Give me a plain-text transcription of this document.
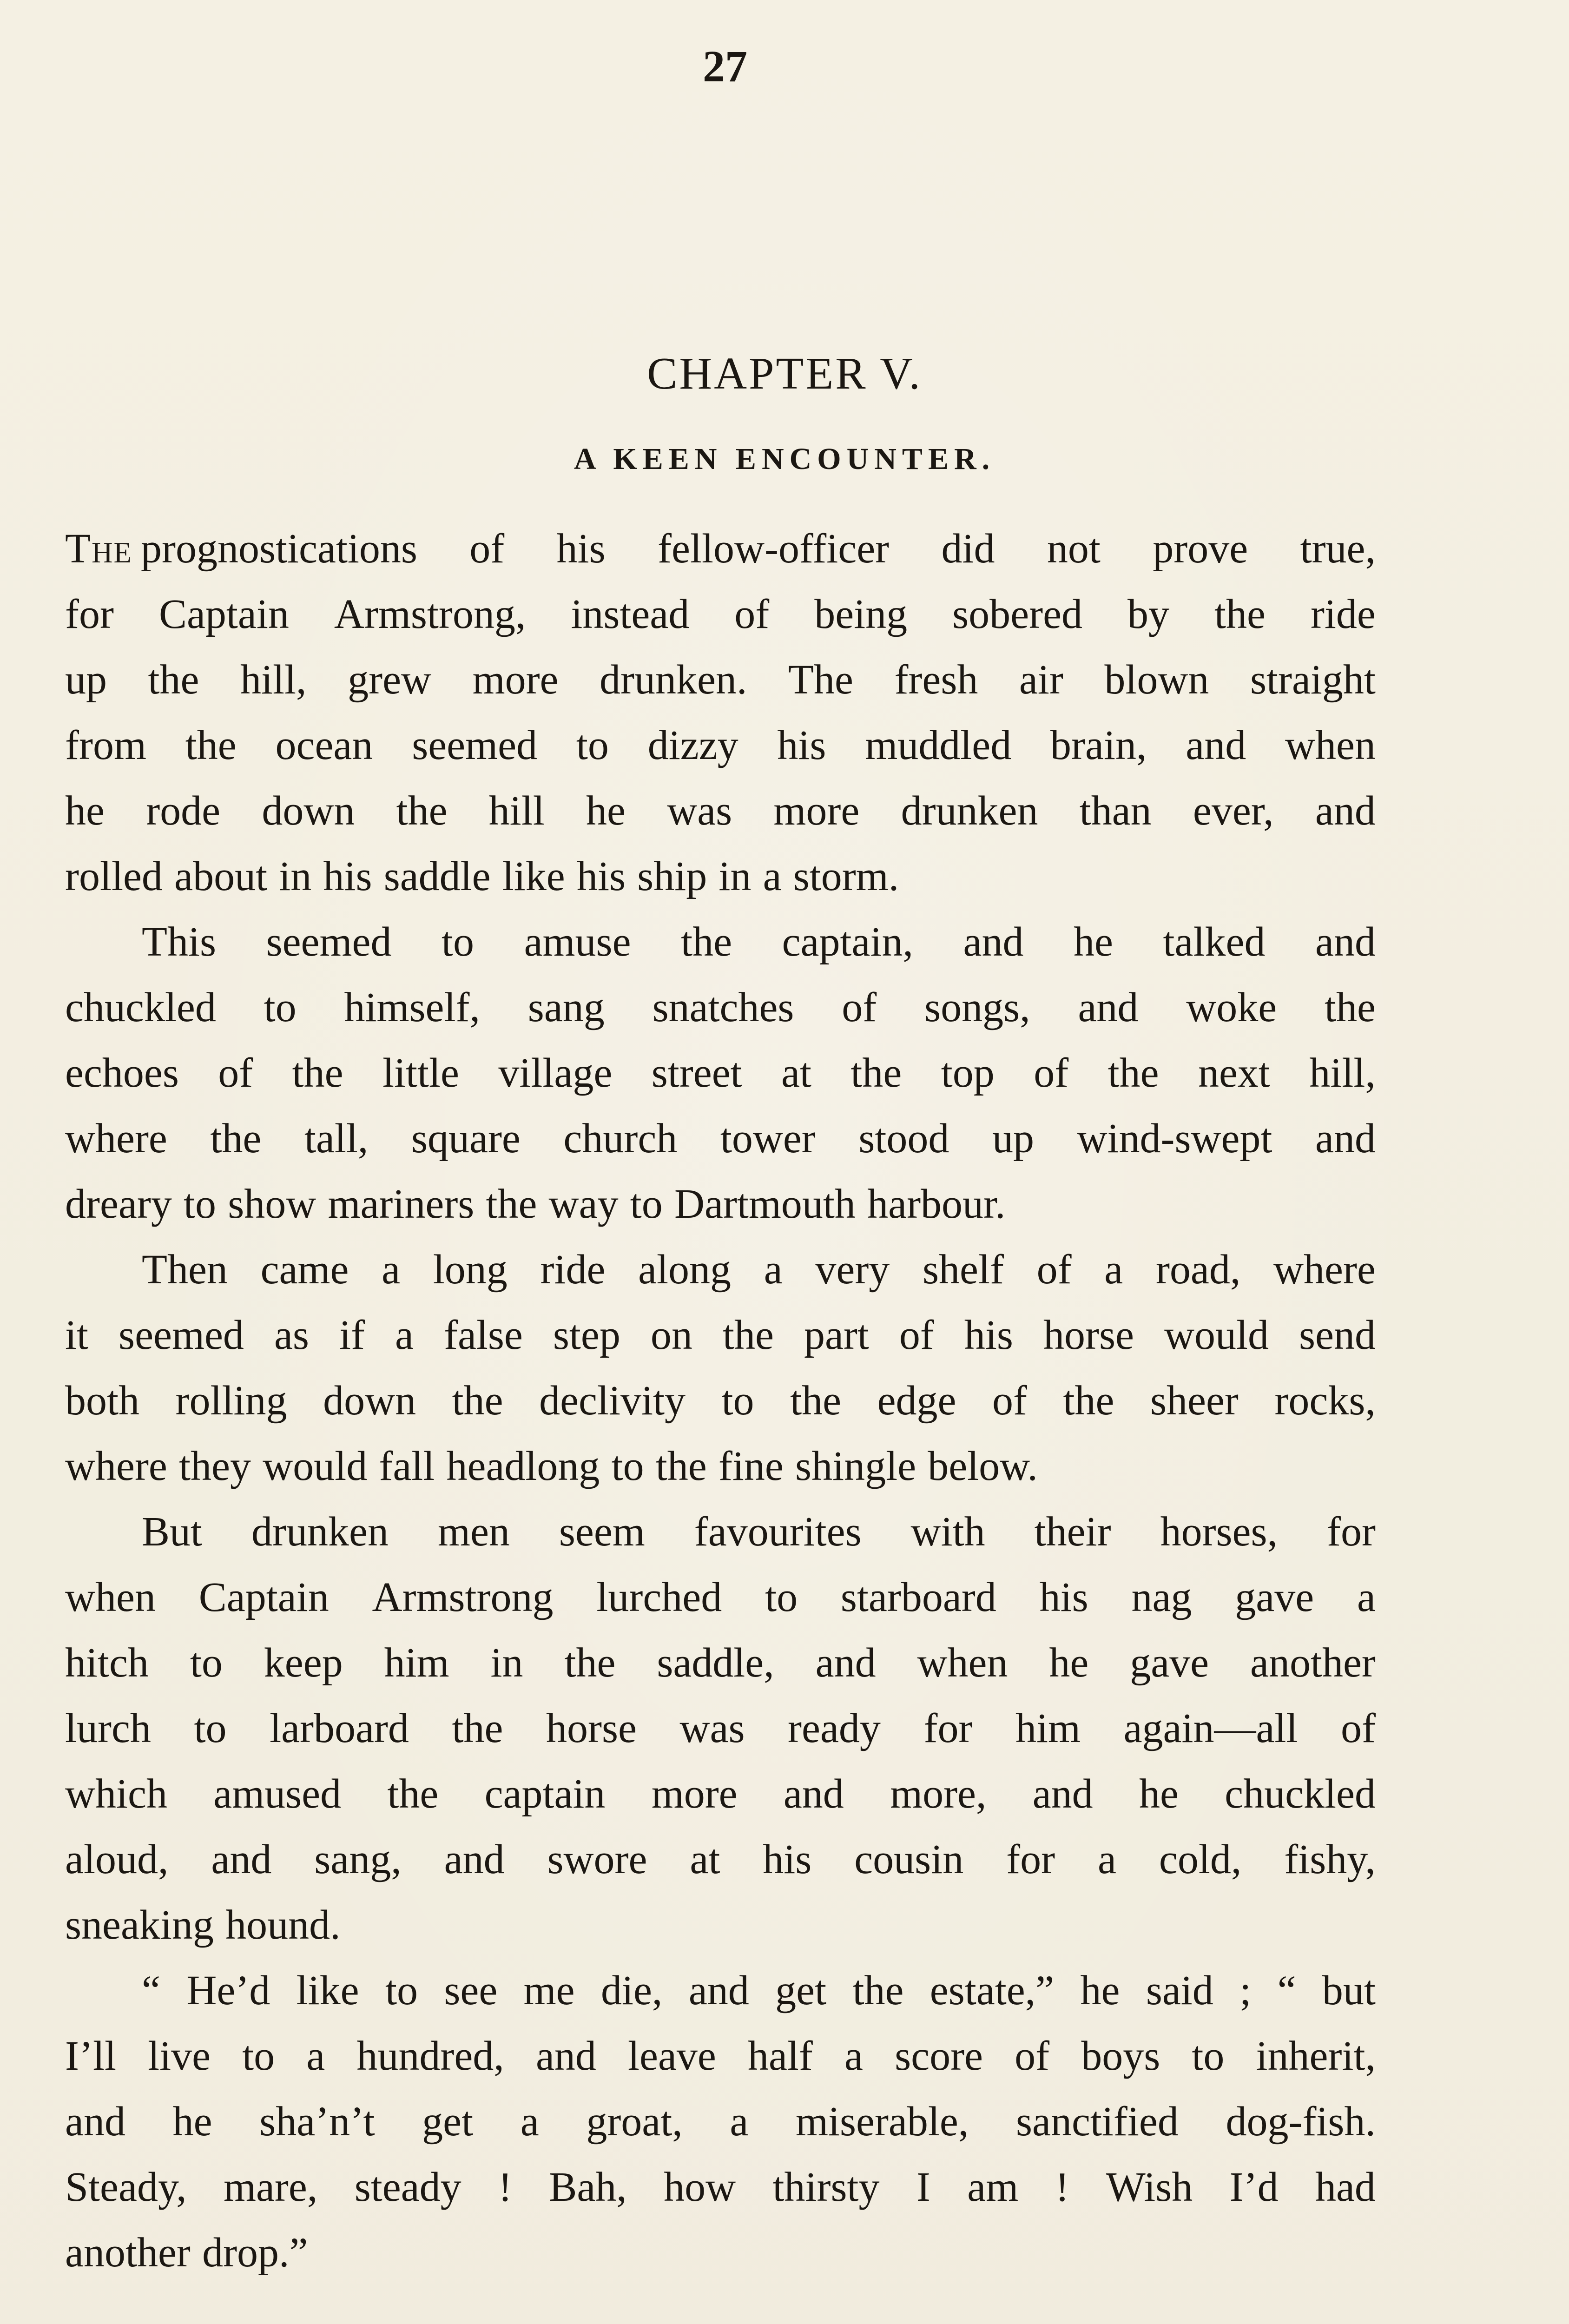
27
CHAPTER V.
A KEEN ENCOUNTER.
The prognostications of his fellow-officer did not prove true,
for Captain Armstrong, instead of being sobered by the ride
up the hill, grew more drunken. The fresh air blown straight
from the ocean seemed to dizzy his muddled brain, and when
he rode down the hill he was more drunken than ever, and
rolled about in his saddle like his ship in a storm.
This seemed to amuse the captain, and he talked and
chuckled to himself, sang snatches of songs, and woke the
echoes of the little village street at the top of the next hill,
where the tall, square church tower stood up wind-swept and
dreary to show mariners the way to Dartmouth harbour.
Then came a long ride along a very shelf of a road, where
it seemed as if a false step on the part of his horse would send
both rolling down the declivity to the edge of the sheer rocks,
where they would fall headlong to the fine shingle below.
But drunken men seem favourites with their horses, for
when Captain Armstrong lurched to starboard his nag gave a
hitch to keep him in the saddle, and when he gave another
lurch to larboard the horse was ready for him again—all of
which amused the captain more and more, and he chuckled
aloud, and sang, and swore at his cousin for a cold, fishy,
sneaking hound.
“ He’d like to see me die, and get the estate,” he said ; “ but
I’ll live to a hundred, and leave half a score of boys to inherit,
and he sha’n’t get a groat, a miserable, sanctified dog-fish.
Steady, mare, steady ! Bah, how thirsty I am ! Wish I’d had
another drop.”
